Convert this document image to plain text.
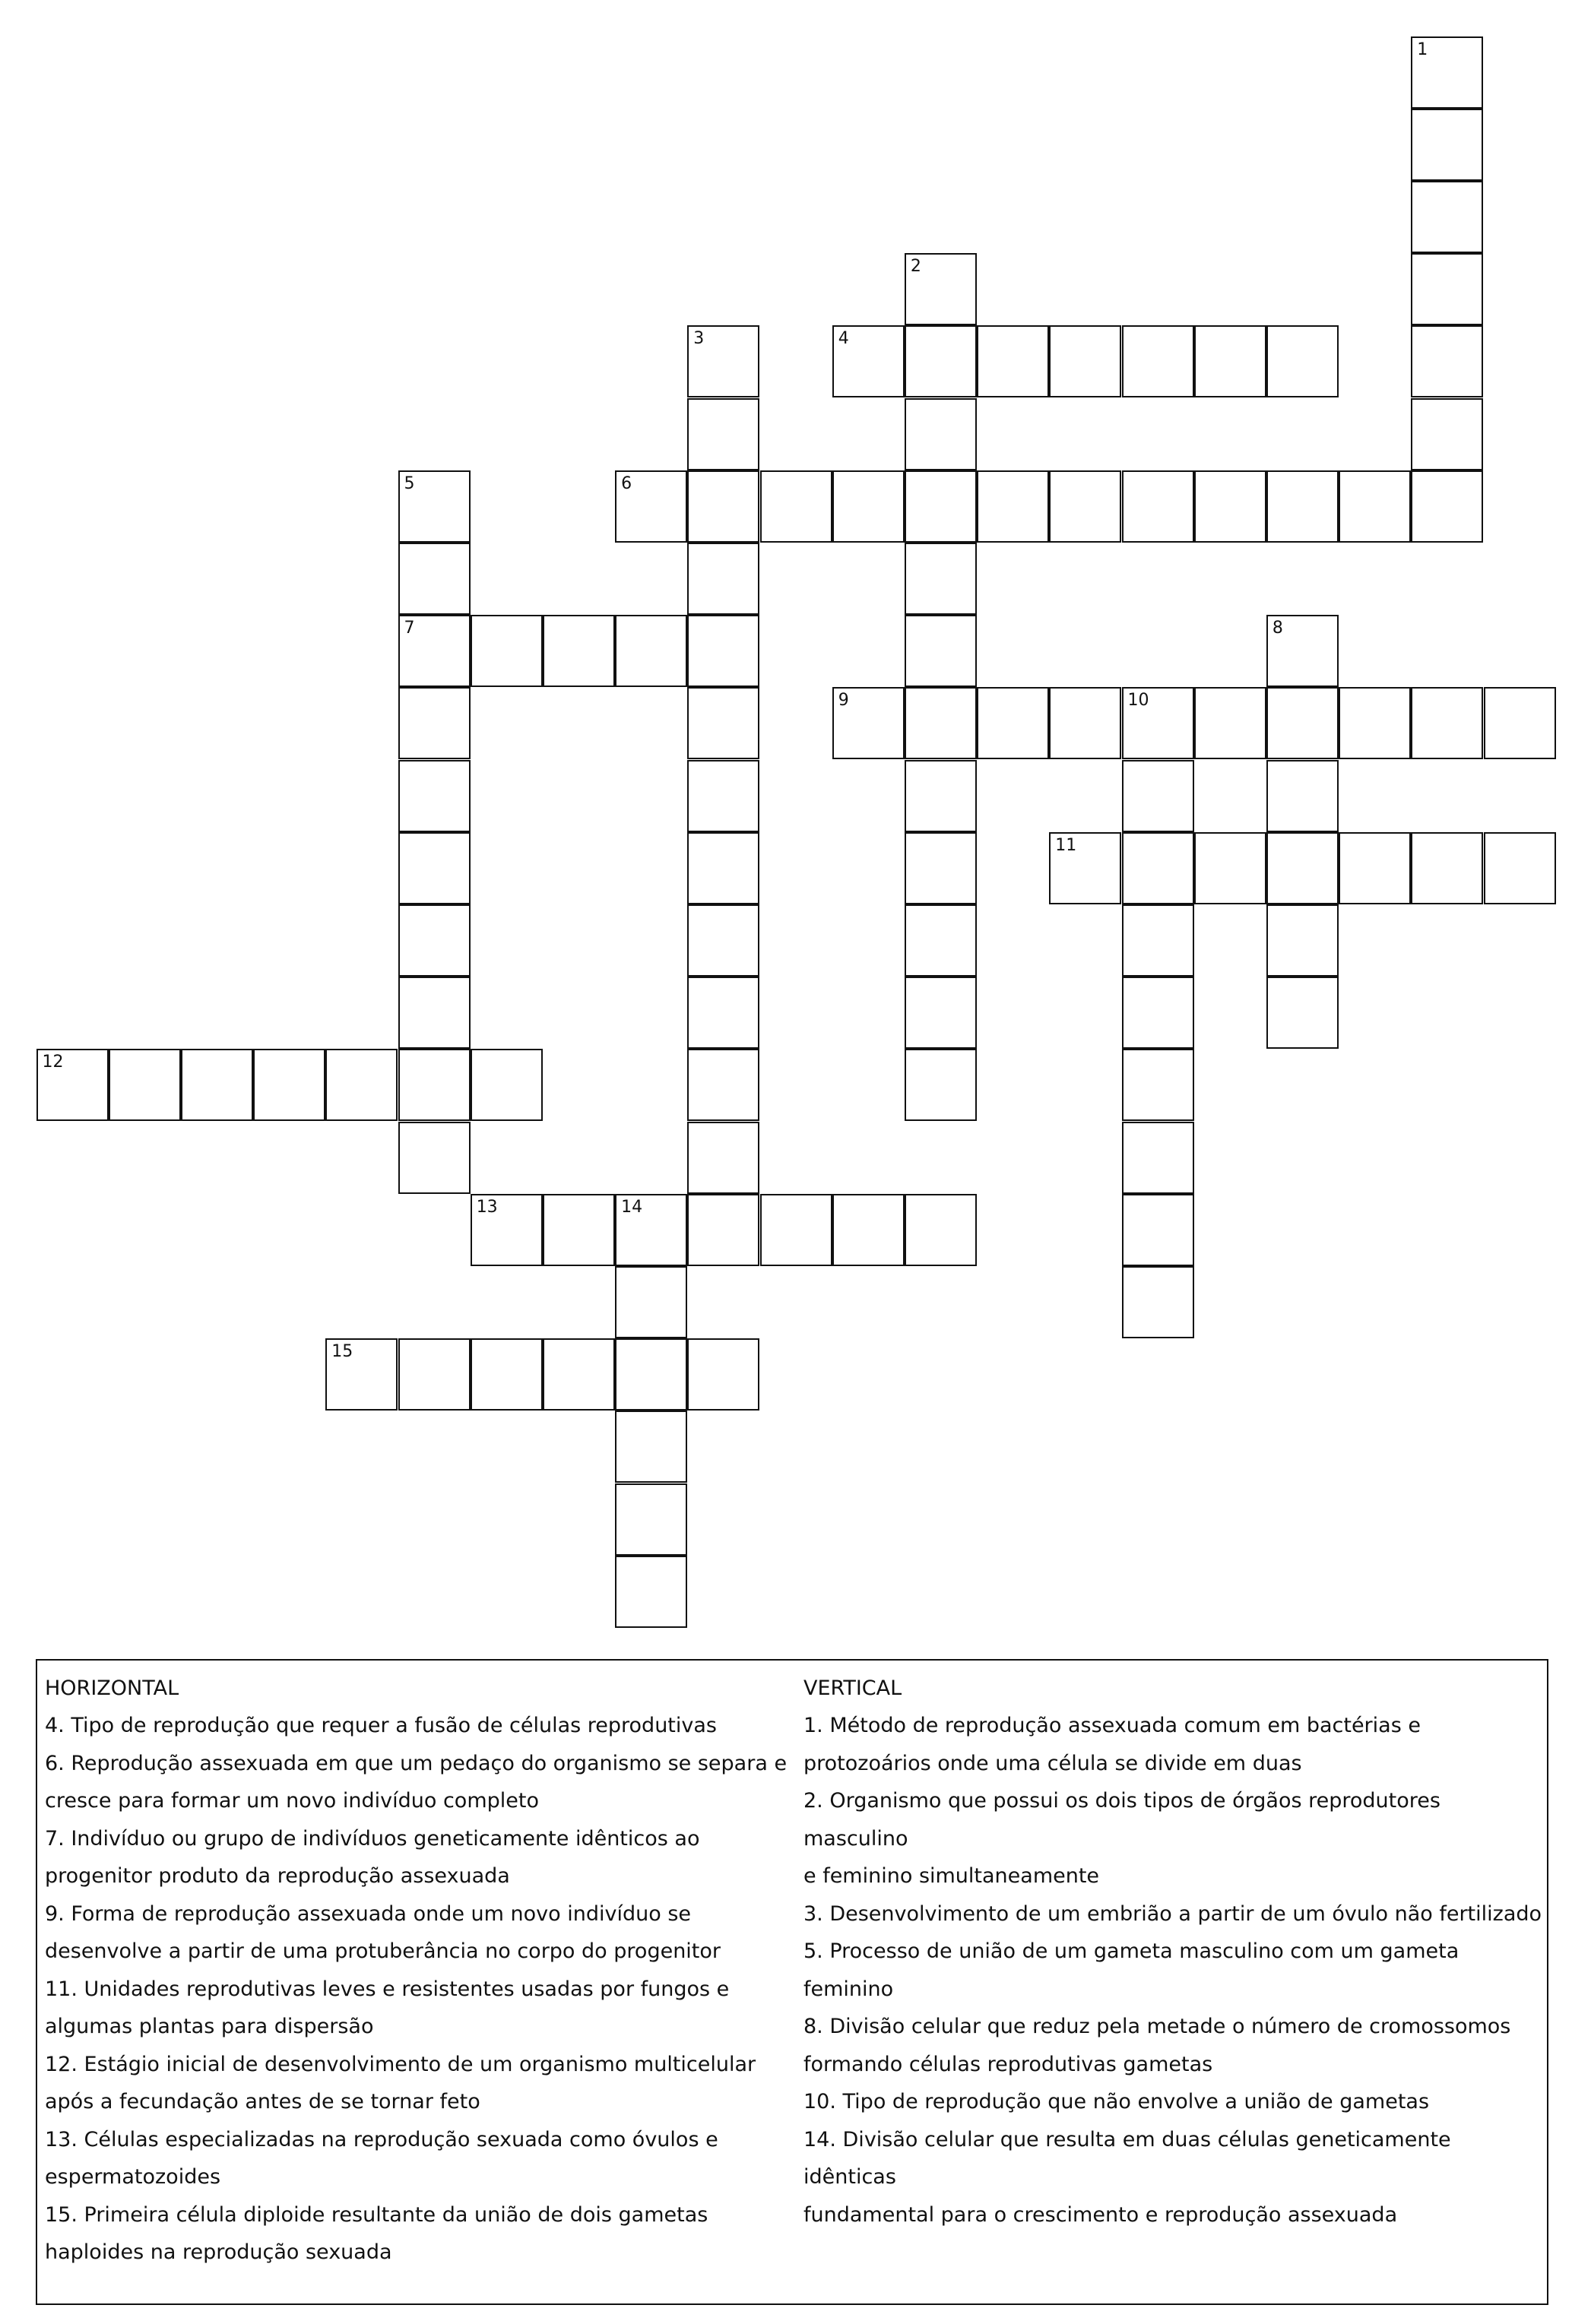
1
2
3	4
5
7
6
8
9	10
11
12
13	14
15

HORIZONTAL

4. Tipo de reprodução que requer a fusão de células reprodutivas

6. Reprodução assexuada em que um pedaço do organismo se separa e

cresce para formar um novo indivíduo completo

7. Indivíduo ou grupo de indivíduos geneticamente idênticos ao

progenitor produto da reprodução assexuada

9. Forma de reprodução assexuada onde um novo indivíduo se

desenvolve a partir de uma protuberância no corpo do progenitor

11. Unidades reprodutivas leves e resistentes usadas por fungos e

algumas plantas para dispersão

12. Estágio inicial de desenvolvimento de um organismo multicelular

após a fecundação antes de se tornar feto

13. Células especializadas na reprodução sexuada como óvulos e

espermatozoides

15. Primeira célula diploide resultante da união de dois gametas

haploides na reprodução sexuada

VERTICAL

1. Método de reprodução assexuada comum em bactérias e

protozoários onde uma célula se divide em duas

2. Organismo que possui os dois tipos de órgãos reprodutores masculino

e feminino simultaneamente

3. Desenvolvimento de um embrião a partir de um óvulo não fertilizado

5. Processo de união de um gameta masculino com um gameta feminino

8. Divisão celular que reduz pela metade o número de cromossomos

formando células reprodutivas gametas

10. Tipo de reprodução que não envolve a união de gametas

14. Divisão celular que resulta em duas células geneticamente idênticas

fundamental para o crescimento e reprodução assexuada
